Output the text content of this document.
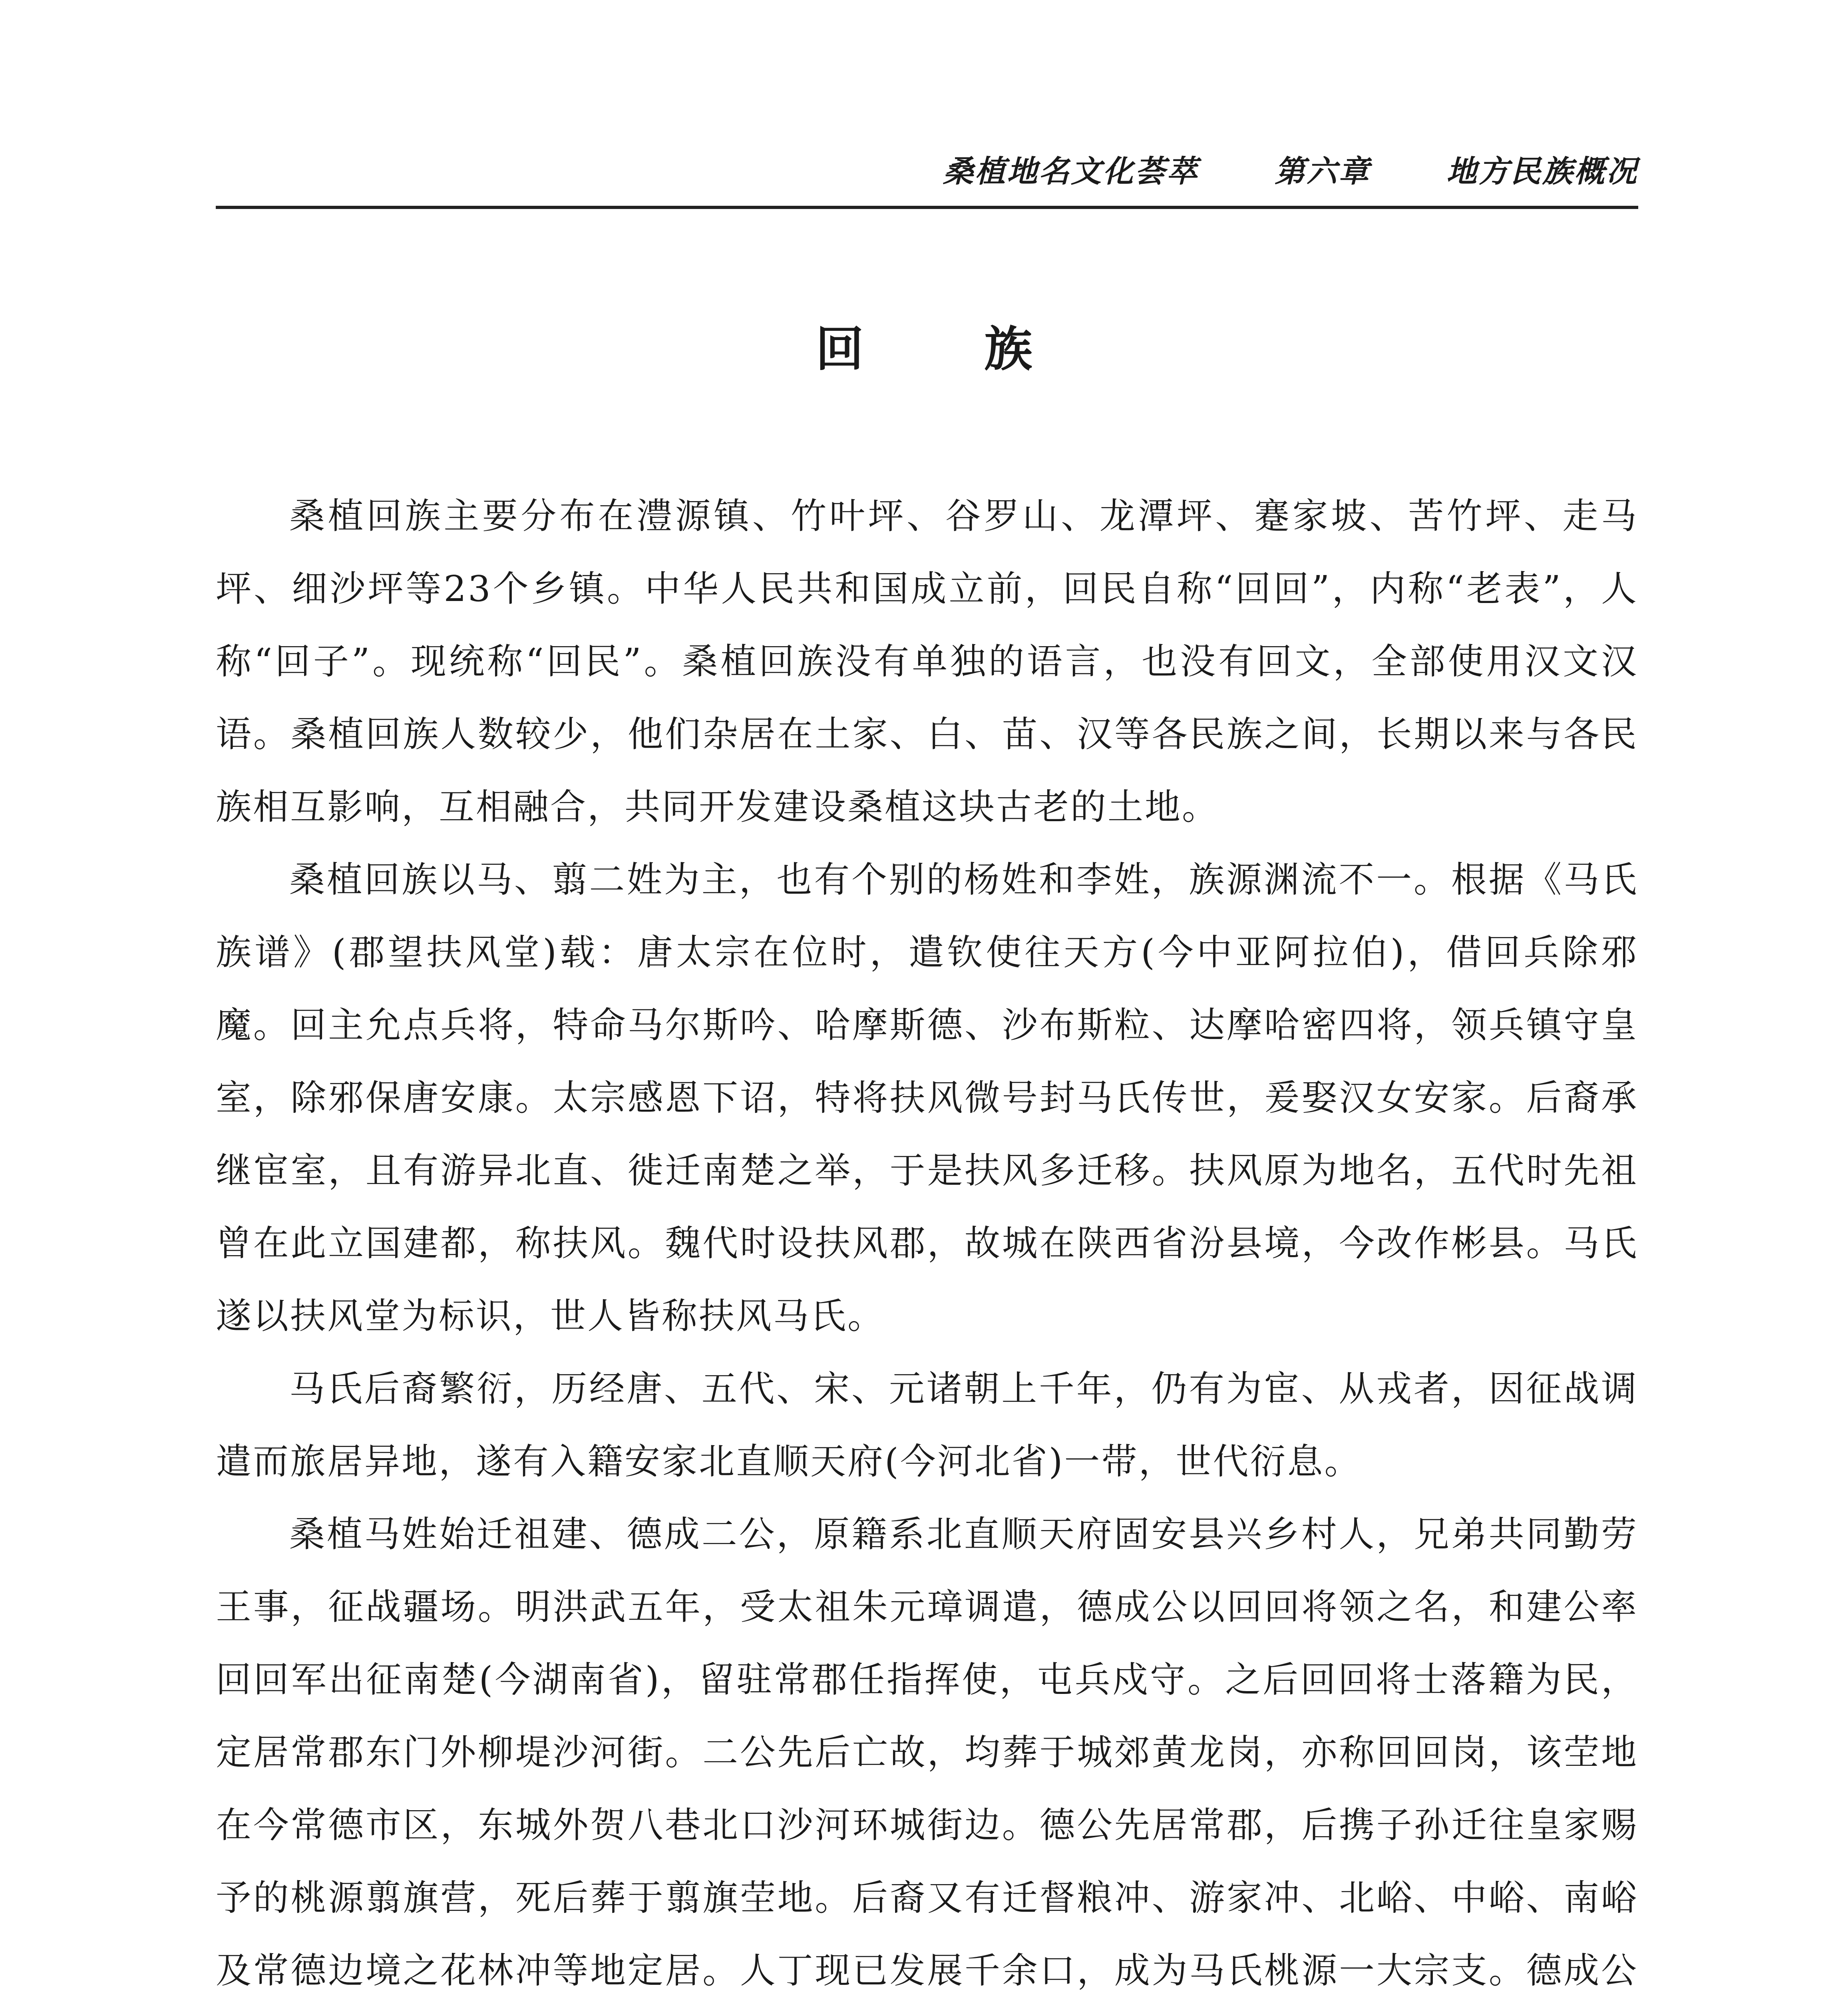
桑植地名文化荟萃	第六章	地方民族概况
回 族

桑植回族主要分布在澧源镇、竹叶坪、谷罗山、龙潭坪、蹇家坡、苦竹坪、走马坪、细沙坪等23个乡镇。中华人民共和国成立前，回民自称“回回”，内称“老表”，人称“回子”。现统称“回民”。桑植回族没有单独的语言，也没有回文，全部使用汉文汉语。桑植回族人数较少，他们杂居在土家、白、苗、汉等各民族之间，长期以来与各民族相互影响，互相融合，共同开发建设桑植这块古老的土地。

桑植回族以马、翦二姓为主，也有个别的杨姓和李姓，族源渊流不一。根据《马氏族谱》(郡望扶风堂)载：唐太宗在位时，遣钦使往天方(今中亚阿拉伯)，借回兵除邪魔。回主允点兵将，特命马尔斯吟、哈摩斯德、沙布斯粒、达摩哈密四将，领兵镇守皇室，除邪保唐安康。太宗感恩下诏，特将扶风微号封马氏传世，爰娶汉女安家。后裔承继宦室，且有游异北直、徙迁南楚之举，于是扶风多迁移。扶风原为地名，五代时先祖曾在此立国建都，称扶风。魏代时设扶风郡，故城在陕西省汾县境，今改作彬县。马氏遂以扶风堂为标识，世人皆称扶风马氏。

马氏后裔繁衍，历经唐、五代、宋、元诸朝上千年，仍有为宦、从戎者，因征战调遣而旅居异地，遂有入籍安家北直顺天府(今河北省)一带，世代衍息。

桑植马姓始迁祖建、德成二公，原籍系北直顺天府固安县兴乡村人，兄弟共同勤劳王事，征战疆场。明洪武五年，受太祖朱元璋调遣，德成公以回回将领之名，和建公率回回军出征南楚(今湖南省)，留驻常郡任指挥使，屯兵戍守。之后回回将士落籍为民，定居常郡东门外柳堤沙河街。二公先后亡故，均葬于城郊黄龙岗，亦称回回岗，该茔地在今常德市区，东城外贺八巷北口沙河环城街边。德公先居常郡，后携子孙迁往皇家赐予的桃源翦旗营，死后葬于翦旗茔地。后裔又有迁督粮冲、游家冲、北峪、中峪、南峪及常德边境之花林冲等地定居。人丁现已发展千余口，成为马氏桃源一大宗支。德成公
